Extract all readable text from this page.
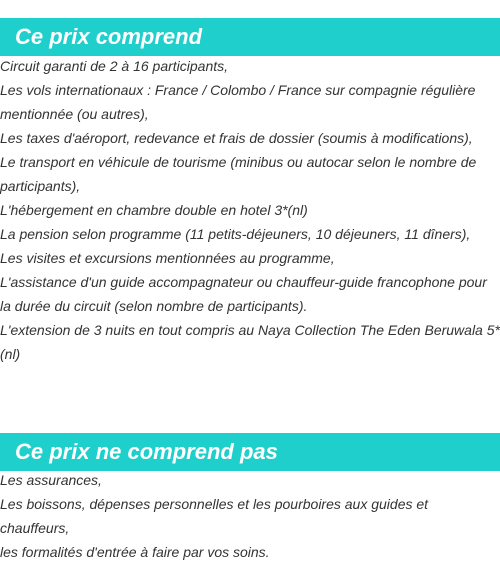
Ce prix comprend
Circuit garanti de 2 à 16 participants,
Les vols internationaux : France / Colombo / France sur compagnie régulière mentionnée (ou autres),
Les taxes d'aéroport, redevance et frais de dossier (soumis à modifications),
Le transport en véhicule de tourisme (minibus ou autocar selon le nombre de participants),
L'hébergement en chambre double en hotel 3*(nl)
La pension selon programme (11 petits-déjeuners, 10 déjeuners, 11 dîners),
Les visites et excursions mentionnées au programme,
L'assistance d'un guide accompagnateur ou chauffeur-guide francophone pour la durée du circuit (selon nombre de participants).
L'extension de 3 nuits en tout compris au Naya Collection The Eden Beruwala 5*(nl)
Ce prix ne comprend pas
Les assurances,
Les boissons, dépenses personnelles et les pourboires aux guides et chauffeurs,
les formalités d'entrée à faire par vos soins.
